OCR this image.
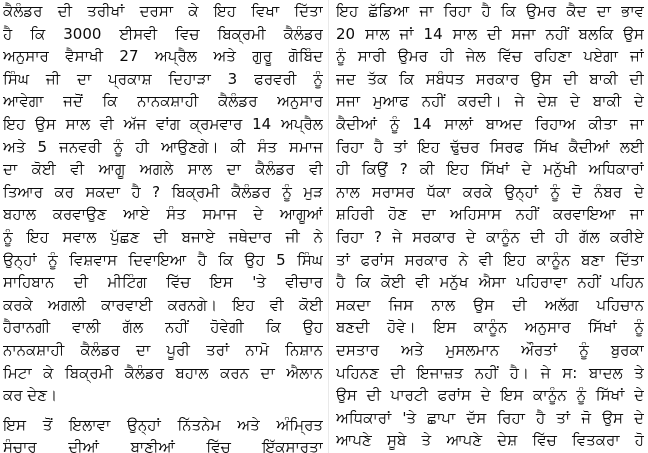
ਕੈਲੰਡਰ ਦੀ ਤਰੀਖਾਂ ਦਰਸਾ ਕੇ ਇਹ ਵਿਖਾ ਦਿੱਤਾ
ਹੈ ਕਿ 3000 ਈਸਵੀ ਵਿਚ ਬਿਕ੍ਰਮੀ ਕੈਲੰਡਰ
ਅਨੁਸਾਰ ਵੈਸਾਖੀ 27 ਅਪ੍ਰੈਲ ਅਤੇ ਗੁਰੂ ਗੋਬਿੰਦ
ਸਿੰਘ ਜੀ ਦਾ ਪ੍ਰਕਾਸ਼ ਦਿਹਾੜਾ 3 ਫਰਵਰੀ ਨੂੰ
ਆਵੇਗਾ ਜਦੋਂ ਕਿ ਨਾਨਕਸ਼ਾਹੀ ਕੈਲੰਡਰ ਅਨੁਸਾਰ
ਇਹ ਉਸ ਸਾਲ ਵੀ ਅੱਜ ਵਾਂਗ ਕ੍ਰਮਵਾਰ 14 ਅਪ੍ਰੈਲ
ਅਤੇ 5 ਜਨਵਰੀ ਨੂੰ ਹੀ ਆਉਣਗੇ। ਕੀ ਸੰਤ ਸਮਾਜ
ਦਾ ਕੋਈ ਵੀ ਆਗੂ ਅਗਲੇ ਸਾਲ ਦਾ ਕੈਲੰਡਰ ਵੀ
ਤਿਆਰ ਕਰ ਸਕਦਾ ਹੈ ? ਬਿਕ੍ਰਮੀ ਕੈਲੰਡਰ ਨੂੰ ਮੁੜ
ਬਹਾਲ ਕਰਵਾਉਣ ਆਏ ਸੰਤ ਸਮਾਜ ਦੇ ਆਗੂਆਂ
ਨੂੰ ਇਹ ਸਵਾਲ ਪੁੱਛਣ ਦੀ ਬਜਾਏ ਜਥੇਦਾਰ ਜੀ ਨੇ
ਉਨ੍ਹਾਂ ਨੂੰ ਵਿਸ਼ਵਾਸ ਦਿਵਾਇਆ ਹੈ ਕਿ ਉਹ 5 ਸਿੰਘ
ਸਾਹਿਬਾਨ ਦੀ ਮੀਟਿੰਗ ਵਿੱਚ ਇਸ 'ਤੇ ਵੀਚਾਰ
ਕਰਕੇ ਅਗਲੀ ਕਾਰਵਾਈ ਕਰਨਗੇ। ਇਹ ਵੀ ਕੋਈ
ਹੈਰਾਨਗੀ ਵਾਲੀ ਗੱਲ ਨਹੀਂ ਹੋਵੇਗੀ ਕਿ ਉਹ
ਨਾਨਕਸ਼ਾਹੀ ਕੈਲੰਡਰ ਦਾ ਪੂਰੀ ਤਰਾਂ ਨਾਮੋ ਨਿਸ਼ਾਨ
ਮਿਟਾ ਕੇ ਬਿਕ੍ਰਮੀ ਕੈਲੰਡਰ ਬਹਾਲ ਕਰਨ ਦਾ ਐਲਾਨ
ਕਰ ਦੇਣ।
ਇਸ ਤੋਂ ਇਲਾਵਾ ਉਨ੍ਹਾਂ ਨਿੱਤਨੇਮ ਅਤੇ ਅੰਮ੍ਰਿਤ
ਸੰਚਾਰ ਦੀਆਂ ਬਾਣੀਆਂ ਵਿੱਚ ਇੱਕਸਾਰਤਾ
ਇਹ ਛੱਡਿਆ ਜਾ ਰਿਹਾ ਹੈ ਕਿ ਉਮਰ ਕੈਦ ਦਾ ਭਾਵ
20 ਸਾਲ ਜਾਂ 14 ਸਾਲ ਦੀ ਸਜਾ ਨਹੀਂ ਬਲਕਿ ਉਸ
ਨੂੰ ਸਾਰੀ ਉਮਰ ਹੀ ਜੇਲ ਵਿੱਚ ਰਹਿਣਾ ਪਏਗਾ ਜਾਂ
ਜਦ ਤੱਕ ਕਿ ਸਬੰਧਤ ਸਰਕਾਰ ਉਸ ਦੀ ਬਾਕੀ ਦੀ
ਸਜਾ ਮੁਆਫ ਨਹੀਂ ਕਰਦੀ। ਜੇ ਦੇਸ਼ ਦੇ ਬਾਕੀ ਦੇ
ਕੈਦੀਆਂ ਨੂੰ 14 ਸਾਲਾਂ ਬਾਅਦ ਰਿਹਾਅ ਕੀਤਾ ਜਾ
ਰਿਹਾ ਹੈ ਤਾਂ ਇਹ ਢੁੱਚਰ ਸਿਰਫ ਸਿੱਖ ਕੈਦੀਆਂ ਲਈ
ਹੀ ਕਿਉਂ ? ਕੀ ਇਹ ਸਿੱਖਾਂ ਦੇ ਮਨੁੱਖੀ ਅਧਿਕਾਰਾਂ
ਨਾਲ ਸਰਾਸਰ ਧੱਕਾ ਕਰਕੇ ਉਨ੍ਹਾਂ ਨੂੰ ਦੋ ਨੰਬਰ ਦੇ
ਸ਼ਹਿਰੀ ਹੋਣ ਦਾ ਅਹਿਸਾਸ ਨਹੀਂ ਕਰਵਾਇਆ ਜਾ
ਰਿਹਾ ? ਜੇ ਸਰਕਾਰ ਦੇ ਕਾਨੂੰਨ ਦੀ ਹੀ ਗੱਲ ਕਰੀਏ
ਤਾਂ ਫਰਾਂਸ ਸਰਕਾਰ ਨੇ ਵੀ ਇਹ ਕਾਨੂੰਨ ਬਣਾ ਦਿੱਤਾ
ਹੈ ਕਿ ਕੋਈ ਵੀ ਮਨੁੱਖ ਐਸਾ ਪਹਿਰਾਵਾ ਨਹੀਂ ਪਹਿਨ
ਸਕਦਾ ਜਿਸ ਨਾਲ ਉਸ ਦੀ ਅਲੱਗ ਪਹਿਚਾਨ
ਬਣਦੀ ਹੋਵੇ। ਇਸ ਕਾਨੂੰਨ ਅਨੁਸਾਰ ਸਿੱਖਾਂ ਨੂੰ
ਦਸਤਾਰ ਅਤੇ ਮੁਸਲਮਾਨ ਔਰਤਾਂ ਨੂੰ ਬੁਰਕਾ
ਪਹਿਨਣ ਦੀ ਇਜਾਜ਼ਤ ਨਹੀਂ ਹੈ। ਜੇ ਸ: ਬਾਦਲ ਤੇ
ਉਸ ਦੀ ਪਾਰਟੀ ਫਰਾਂਸ ਦੇ ਇਸ ਕਾਨੂੰਨ ਨੂੰ ਸਿੱਖਾਂ ਦੇ
ਅਧਿਕਾਰਾਂ 'ਤੇ ਛਾਪਾ ਦੱਸ ਰਿਹਾ ਹੈ ਤਾਂ ਜੋ ਉਸ ਦੇ
ਆਪਣੇ ਸੂਬੇ ਤੇ ਆਪਣੇ ਦੇਸ਼ ਵਿੱਚ ਵਿਤਕਰਾ ਹੋ
